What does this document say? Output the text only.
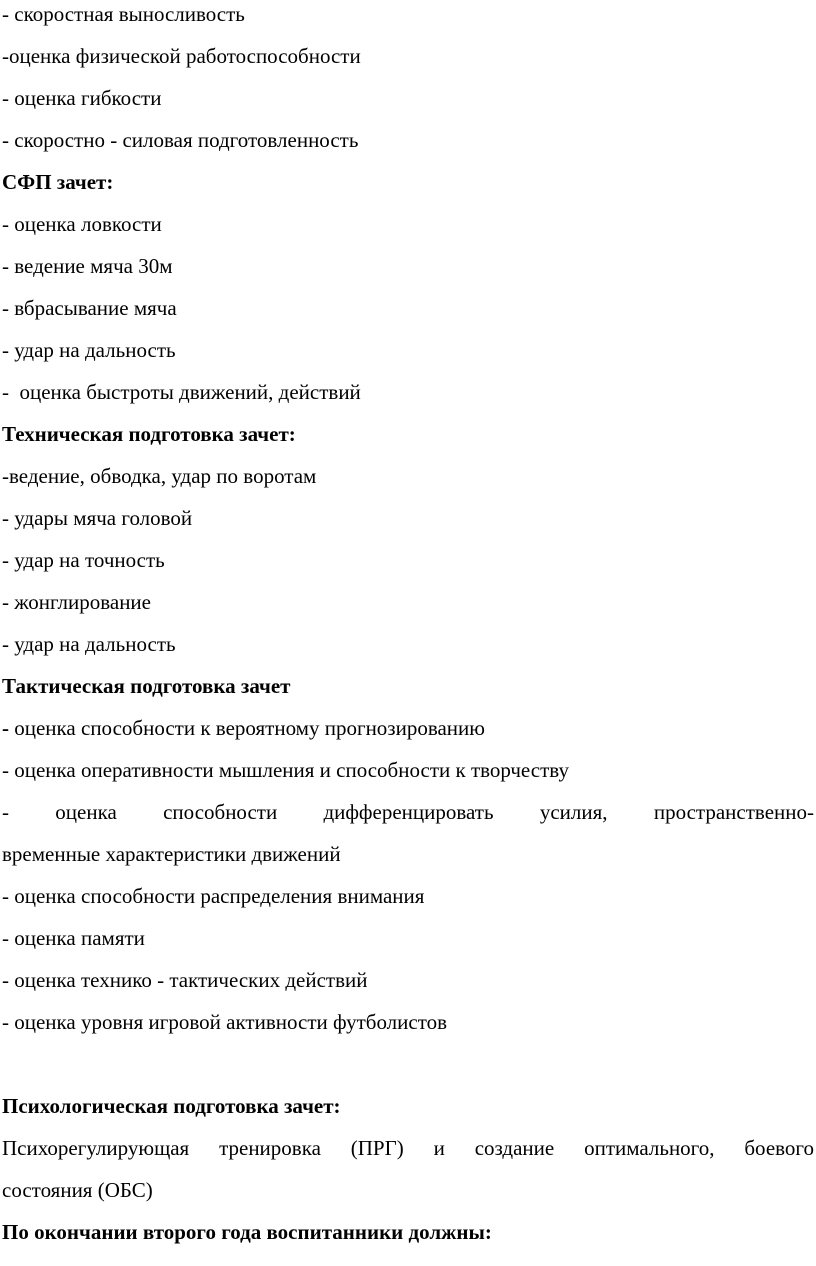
- скоростная выносливость
-оценка физической работоспособности
- оценка гибкости
- скоростно - силовая подготовленность
СФП зачет:
- оценка ловкости
- ведение мяча 30м
- вбрасывание мяча
- удар на дальность
-  оценка быстроты движений, действий
Техническая подготовка зачет:
-ведение, обводка, удар по воротам
- удары мяча головой
- удар на точность
- жонглирование
- удар на дальность
Тактическая подготовка зачет
- оценка способности к вероятному прогнозированию
- оценка оперативности мышления и способности к творчеству
- оценка способности дифференцировать усилия, пространственно-
временные характеристики движений
- оценка способности распределения внимания
- оценка памяти
- оценка технико - тактических действий
- оценка уровня игровой активности футболистов
Психологическая подготовка зачет:
Психорегулирующая тренировка (ПРГ) и создание оптимального, боевого
состояния (ОБС)
По окончании второго года воспитанники должны:
